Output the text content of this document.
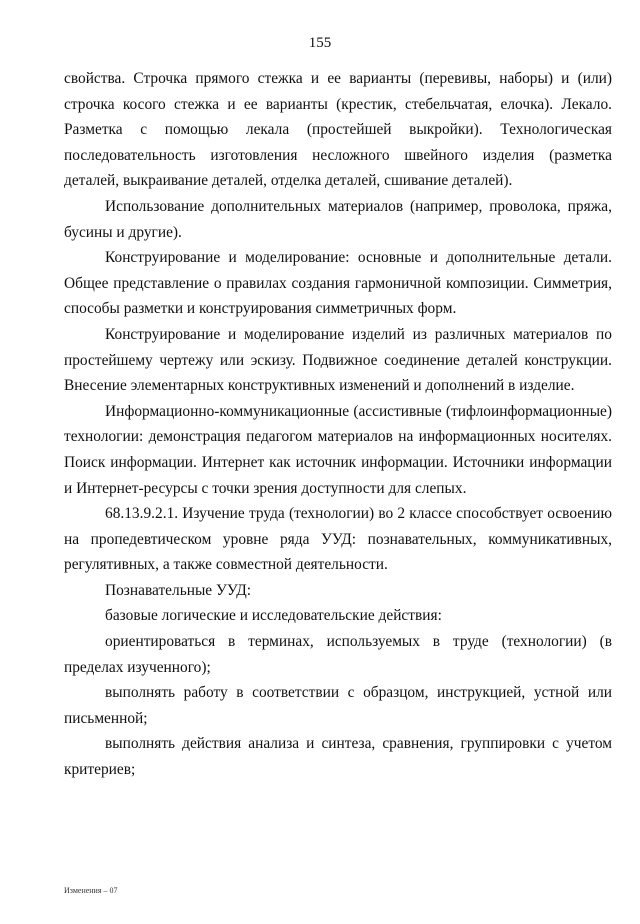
155

свойства. Строчка прямого стежка и ее варианты (перевивы, наборы) и (или) строчка косого стежка и ее варианты (крестик, стебельчатая, елочка). Лекало. Разметка с помощью лекала (простейшей выкройки). Технологическая последовательность изготовления несложного швейного изделия (разметка деталей, выкраивание деталей, отделка деталей, сшивание деталей).

Использование дополнительных материалов (например, проволока, пряжа, бусины и другие).

Конструирование и моделирование: основные и дополнительные детали. Общее представление о правилах создания гармоничной композиции. Симметрия, способы разметки и конструирования симметричных форм.

Конструирование и моделирование изделий из различных материалов по простейшему чертежу или эскизу. Подвижное соединение деталей конструкции. Внесение элементарных конструктивных изменений и дополнений в изделие.

Информационно-коммуникационные (ассистивные (тифлоинформационные) технологии: демонстрация педагогом материалов на информационных носителях. Поиск информации. Интернет как источник информации. Источники информации и Интернет-ресурсы с точки зрения доступности для слепых.

68.13.9.2.1. Изучение труда (технологии) во 2 классе способствует освоению на пропедевтическом уровне ряда УУД: познавательных, коммуникативных, регулятивных, а также совместной деятельности.

Познавательные УУД:

базовые логические и исследовательские действия:

ориентироваться в терминах, используемых в труде (технологии) (в пределах изученного);

выполнять работу в соответствии с образцом, инструкцией, устной или письменной;

выполнять действия анализа и синтеза, сравнения, группировки с учетом критериев;

Изменения – 07
